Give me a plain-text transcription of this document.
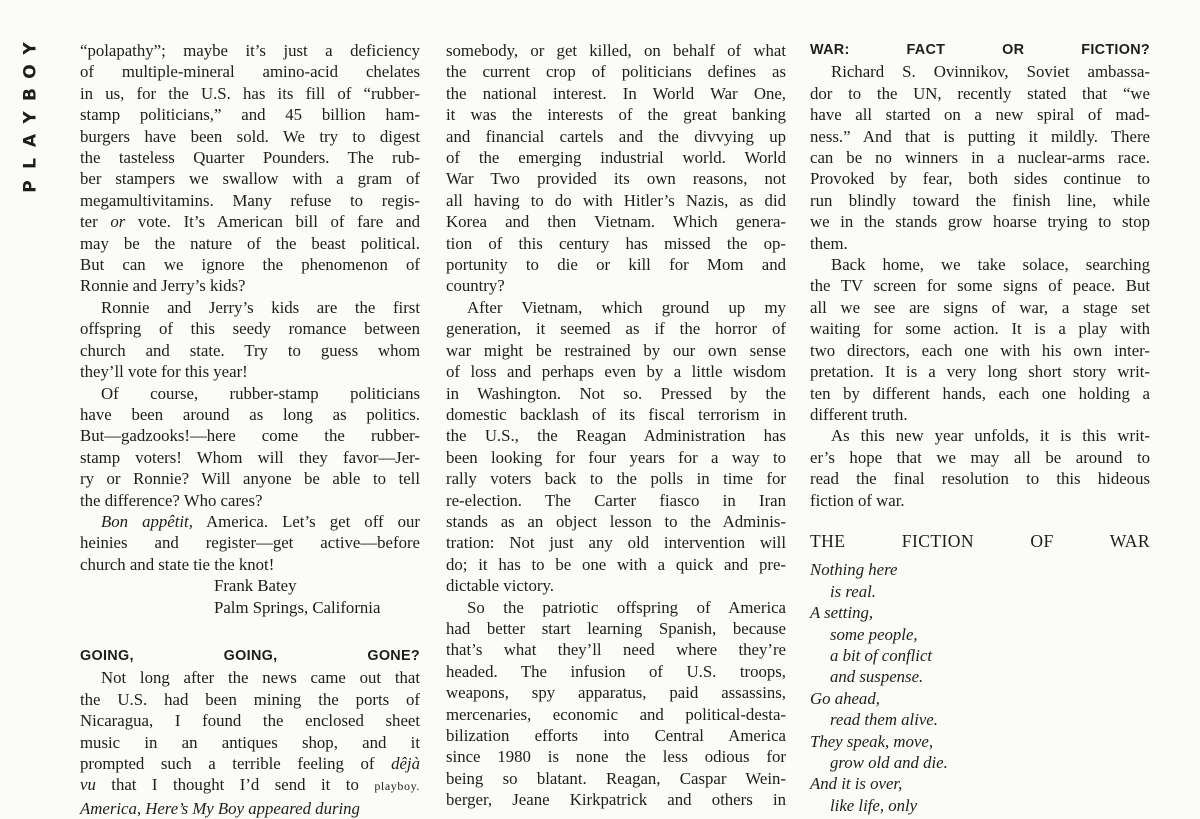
Y
O
B
Y
A
L
P

“polapathy”; maybe it’s just a deficiency

of multiple-mineral amino-acid chelates

in us, for the U.S. has its fill of “rubber-

stamp politicians,” and 45 billion ham-

burgers have been sold. We try to digest

the tasteless Quarter Pounders. The rub-

ber stampers we swallow with a gram of

megamultivitamins. Many refuse to regis-

ter or vote. It’s American bill of fare and

may be the nature of the beast political.

But can we ignore the phenomenon of

Ronnie and Jerry’s kids?

Ronnie and Jerry’s kids are the first

offspring of this seedy romance between

church and state. Try to guess whom

they’ll vote for this year!

Of course, rubber-stamp politicians

have been around as long as politics.

But—gadzooks!—here come the rubber-

stamp voters! Whom will they favor—Jer-

ry or Ronnie? Will anyone be able to tell

the difference? Who cares?

Bon appêtit, America. Let’s get off our

heinies and register—get active—before

church and state tie the knot!

Frank Batey

Palm Springs, California

GOING, GOING, GONE?

Not long after the news came out that

the U.S. had been mining the ports of

Nicaragua, I found the enclosed sheet

music in an antiques shop, and it

prompted such a terrible feeling of dêjà

vu that I thought I’d send it to playboy.

America, Here’s My Boy appeared during

somebody, or get killed, on behalf of what

the current crop of politicians defines as

the national interest. In World War One,

it was the interests of the great banking

and financial cartels and the divvying up

of the emerging industrial world. World

War Two provided its own reasons, not

all having to do with Hitler’s Nazis, as did

Korea and then Vietnam. Which genera-

tion of this century has missed the op-

portunity to die or kill for Mom and

country?

After Vietnam, which ground up my

generation, it seemed as if the horror of

war might be restrained by our own sense

of loss and perhaps even by a little wisdom

in Washington. Not so. Pressed by the

domestic backlash of its fiscal terrorism in

the U.S., the Reagan Administration has

been looking for four years for a way to

rally voters back to the polls in time for

re-election. The Carter fiasco in Iran

stands as an object lesson to the Adminis-

tration: Not just any old intervention will

do; it has to be one with a quick and pre-

dictable victory.

So the patriotic offspring of America

had better start learning Spanish, because

that’s what they’ll need where they’re

headed. The infusion of U.S. troops,

weapons, spy apparatus, paid assassins,

mercenaries, economic and political-desta-

bilization efforts into Central America

since 1980 is none the less odious for

being so blatant. Reagan, Caspar Wein-

berger, Jeane Kirkpatrick and others in

WAR: FACT OR FICTION?

Richard S. Ovinnikov, Soviet ambassa-

dor to the UN, recently stated that “we

have all started on a new spiral of mad-

ness.” And that is putting it mildly. There

can be no winners in a nuclear-arms race.

Provoked by fear, both sides continue to

run blindly toward the finish line, while

we in the stands grow hoarse trying to stop

them.

Back home, we take solace, searching

the TV screen for some signs of peace. But

all we see are signs of war, a stage set

waiting for some action. It is a play with

two directors, each one with his own inter-

pretation. It is a very long short story writ-

ten by different hands, each one holding a

different truth.

As this new year unfolds, it is this writ-

er’s hope that we may all be around to

read the final resolution to this hideous

fiction of war.

THE FICTION OF WAR

Nothing here
is real.
A setting,
some people,
a bit of conflict
and suspense.
Go ahead,
read them alive.
They speak, move,
grow old and die.
And it is over,
like life, only
